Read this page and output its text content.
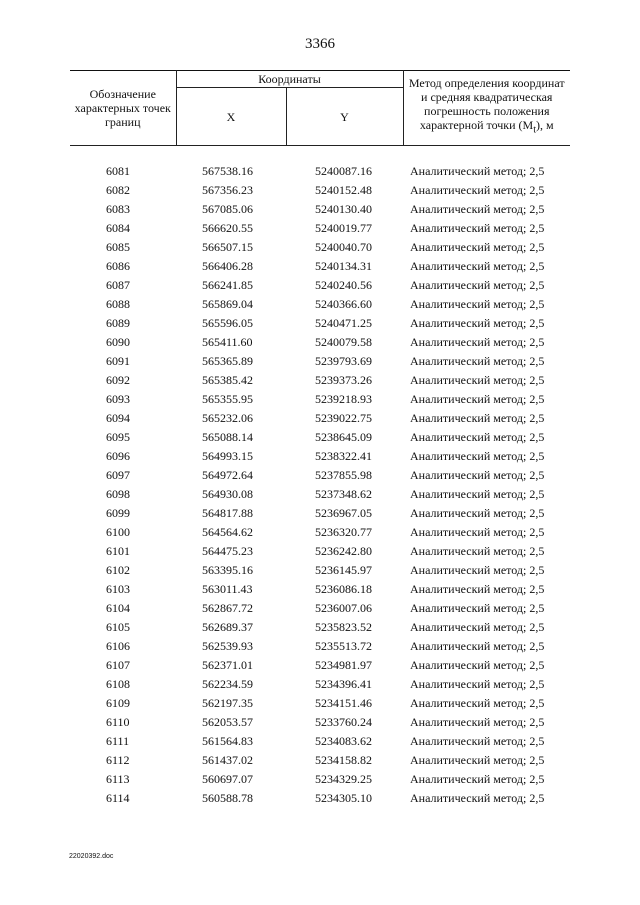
3366
Обозначение характерных точек границ	Координаты		Метод определения координат и средняя квадратическая погрешность положения характерной точки $(M_t)$, м
	X	Y	

6081	567538.16	5240087.16	Аналитический метод; 2,5
6082	567356.23	5240152.48	Аналитический метод; 2,5
6083	567085.06	5240130.40	Аналитический метод; 2,5
6084	566620.55	5240019.77	Аналитический метод; 2,5
6085	566507.15	5240040.70	Аналитический метод; 2,5
6086	566406.28	5240134.31	Аналитический метод; 2,5
6087	566241.85	5240240.56	Аналитический метод; 2,5
6088	565869.04	5240366.60	Аналитический метод; 2,5
6089	565596.05	5240471.25	Аналитический метод; 2,5
6090	565411.60	5240079.58	Аналитический метод; 2,5
6091	565365.89	5239793.69	Аналитический метод; 2,5
6092	565385.42	5239373.26	Аналитический метод; 2,5
6093	565355.95	5239218.93	Аналитический метод; 2,5
6094	565232.06	5239022.75	Аналитический метод; 2,5
6095	565088.14	5238645.09	Аналитический метод; 2,5
6096	564993.15	5238322.41	Аналитический метод; 2,5
6097	564972.64	5237855.98	Аналитический метод; 2,5
6098	564930.08	5237348.62	Аналитический метод; 2,5
6099	564817.88	5236967.05	Аналитический метод; 2,5
6100	564564.62	5236320.77	Аналитический метод; 2,5
6101	564475.23	5236242.80	Аналитический метод; 2,5
6102	563395.16	5236145.97	Аналитический метод; 2,5
6103	563011.43	5236086.18	Аналитический метод; 2,5
6104	562867.72	5236007.06	Аналитический метод; 2,5
6105	562689.37	5235823.52	Аналитический метод; 2,5
6106	562539.93	5235513.72	Аналитический метод; 2,5
6107	562371.01	5234981.97	Аналитический метод; 2,5
6108	562234.59	5234396.41	Аналитический метод; 2,5
6109	562197.35	5234151.46	Аналитический метод; 2,5
6110	562053.57	5233760.24	Аналитический метод; 2,5
6111	561564.83	5234083.62	Аналитический метод; 2,5
6112	561437.02	5234158.82	Аналитический метод; 2,5
6113	560697.07	5234329.25	Аналитический метод; 2,5
6114	560588.78	5234305.10	Аналитический метод; 2,5
22020392.doc
